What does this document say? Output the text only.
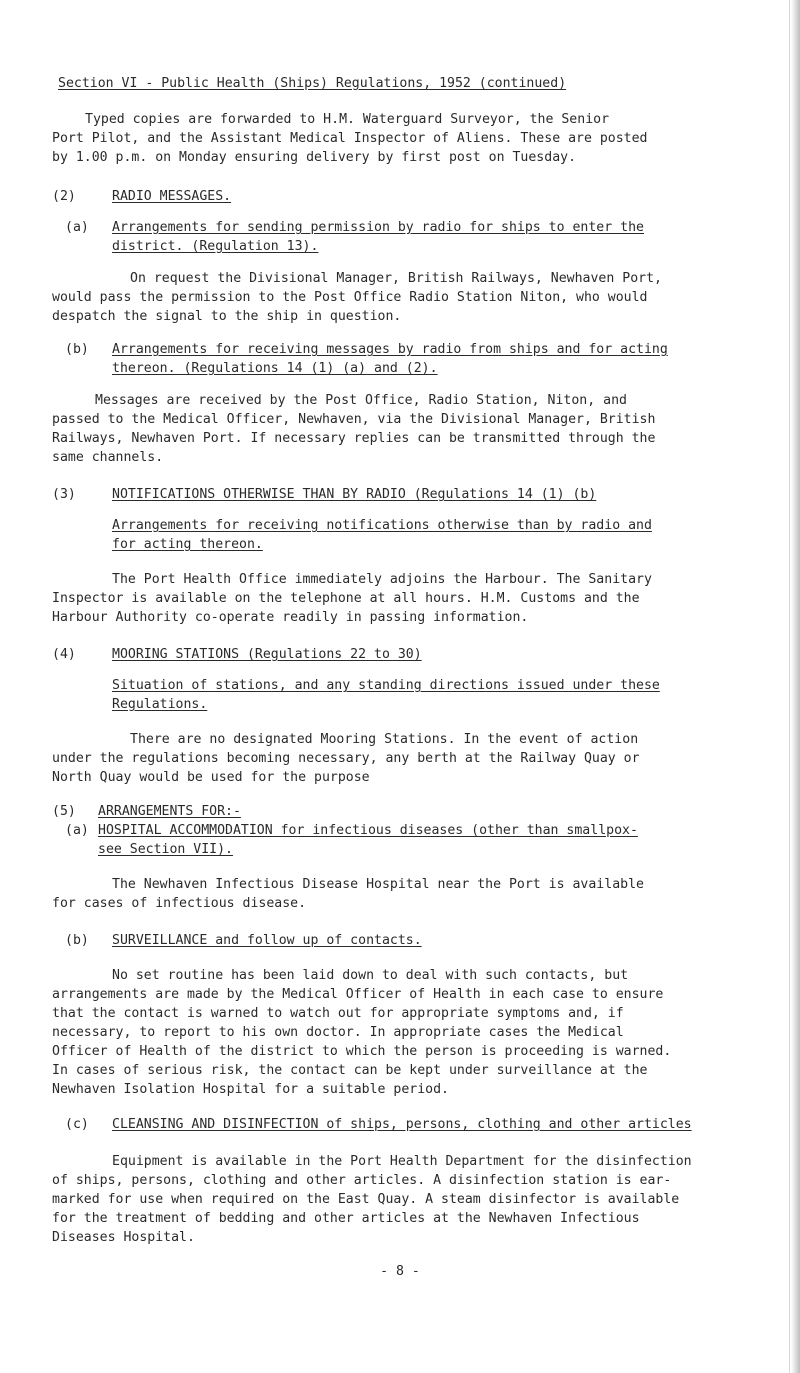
Section VI - Public Health (Ships) Regulations, 1952 (continued)
Typed copies are forwarded to H.M. Waterguard Surveyor, the Senior
Port Pilot, and the Assistant Medical Inspector of Aliens. These are posted
by 1.00 p.m. on Monday ensuring delivery by first post on Tuesday.
(2)	RADIO MESSAGES.
(a) Arrangements for sending permission by radio for ships to enter the
district. (Regulation 13).
On request the Divisional Manager, British Railways, Newhaven Port,
would pass the permission to the Post Office Radio Station Niton, who would
despatch the signal to the ship in question.
(b) Arrangements for receiving messages by radio from ships and for acting
thereon. (Regulations 14 (1) (a) and (2).
Messages are received by the Post Office, Radio Station, Niton, and
passed to the Medical Officer, Newhaven, via the Divisional Manager, British
Railways, Newhaven Port. If necessary replies can be transmitted through the
same channels.
(3)	NOTIFICATIONS OTHERWISE THAN BY RADIO (Regulations 14 (1) (b)
Arrangements for receiving notifications otherwise than by radio and
for acting thereon.
The Port Health Office immediately adjoins the Harbour. The Sanitary
Inspector is available on the telephone at all hours. H.M. Customs and the
Harbour Authority co-operate readily in passing information.
(4)	MOORING STATIONS (Regulations 22 to 30)
Situation of stations, and any standing directions issued under these
Regulations.
There are no designated Mooring Stations. In the event of action
under the regulations becoming necessary, any berth at the Railway Quay or
North Quay would be used for the purpose
(5) ARRANGEMENTS FOR:-
(a) HOSPITAL ACCOMMODATION for infectious diseases (other than smallpox-
see Section VII).
The Newhaven Infectious Disease Hospital near the Port is available
for cases of infectious disease.
(b) SURVEILLANCE and follow up of contacts.
No set routine has been laid down to deal with such contacts, but
arrangements are made by the Medical Officer of Health in each case to ensure
that the contact is warned to watch out for appropriate symptoms and, if
necessary, to report to his own doctor. In appropriate cases the Medical
Officer of Health of the district to which the person is proceeding is warned.
In cases of serious risk, the contact can be kept under surveillance at the
Newhaven Isolation Hospital for a suitable period.
(c) CLEANSING AND DISINFECTION of ships, persons, clothing and other articles
Equipment is available in the Port Health Department for the disinfection
of ships, persons, clothing and other articles. A disinfection station is ear-
marked for use when required on the East Quay. A steam disinfector is available
for the treatment of bedding and other articles at the Newhaven Infectious
Diseases Hospital.
- 8 -
